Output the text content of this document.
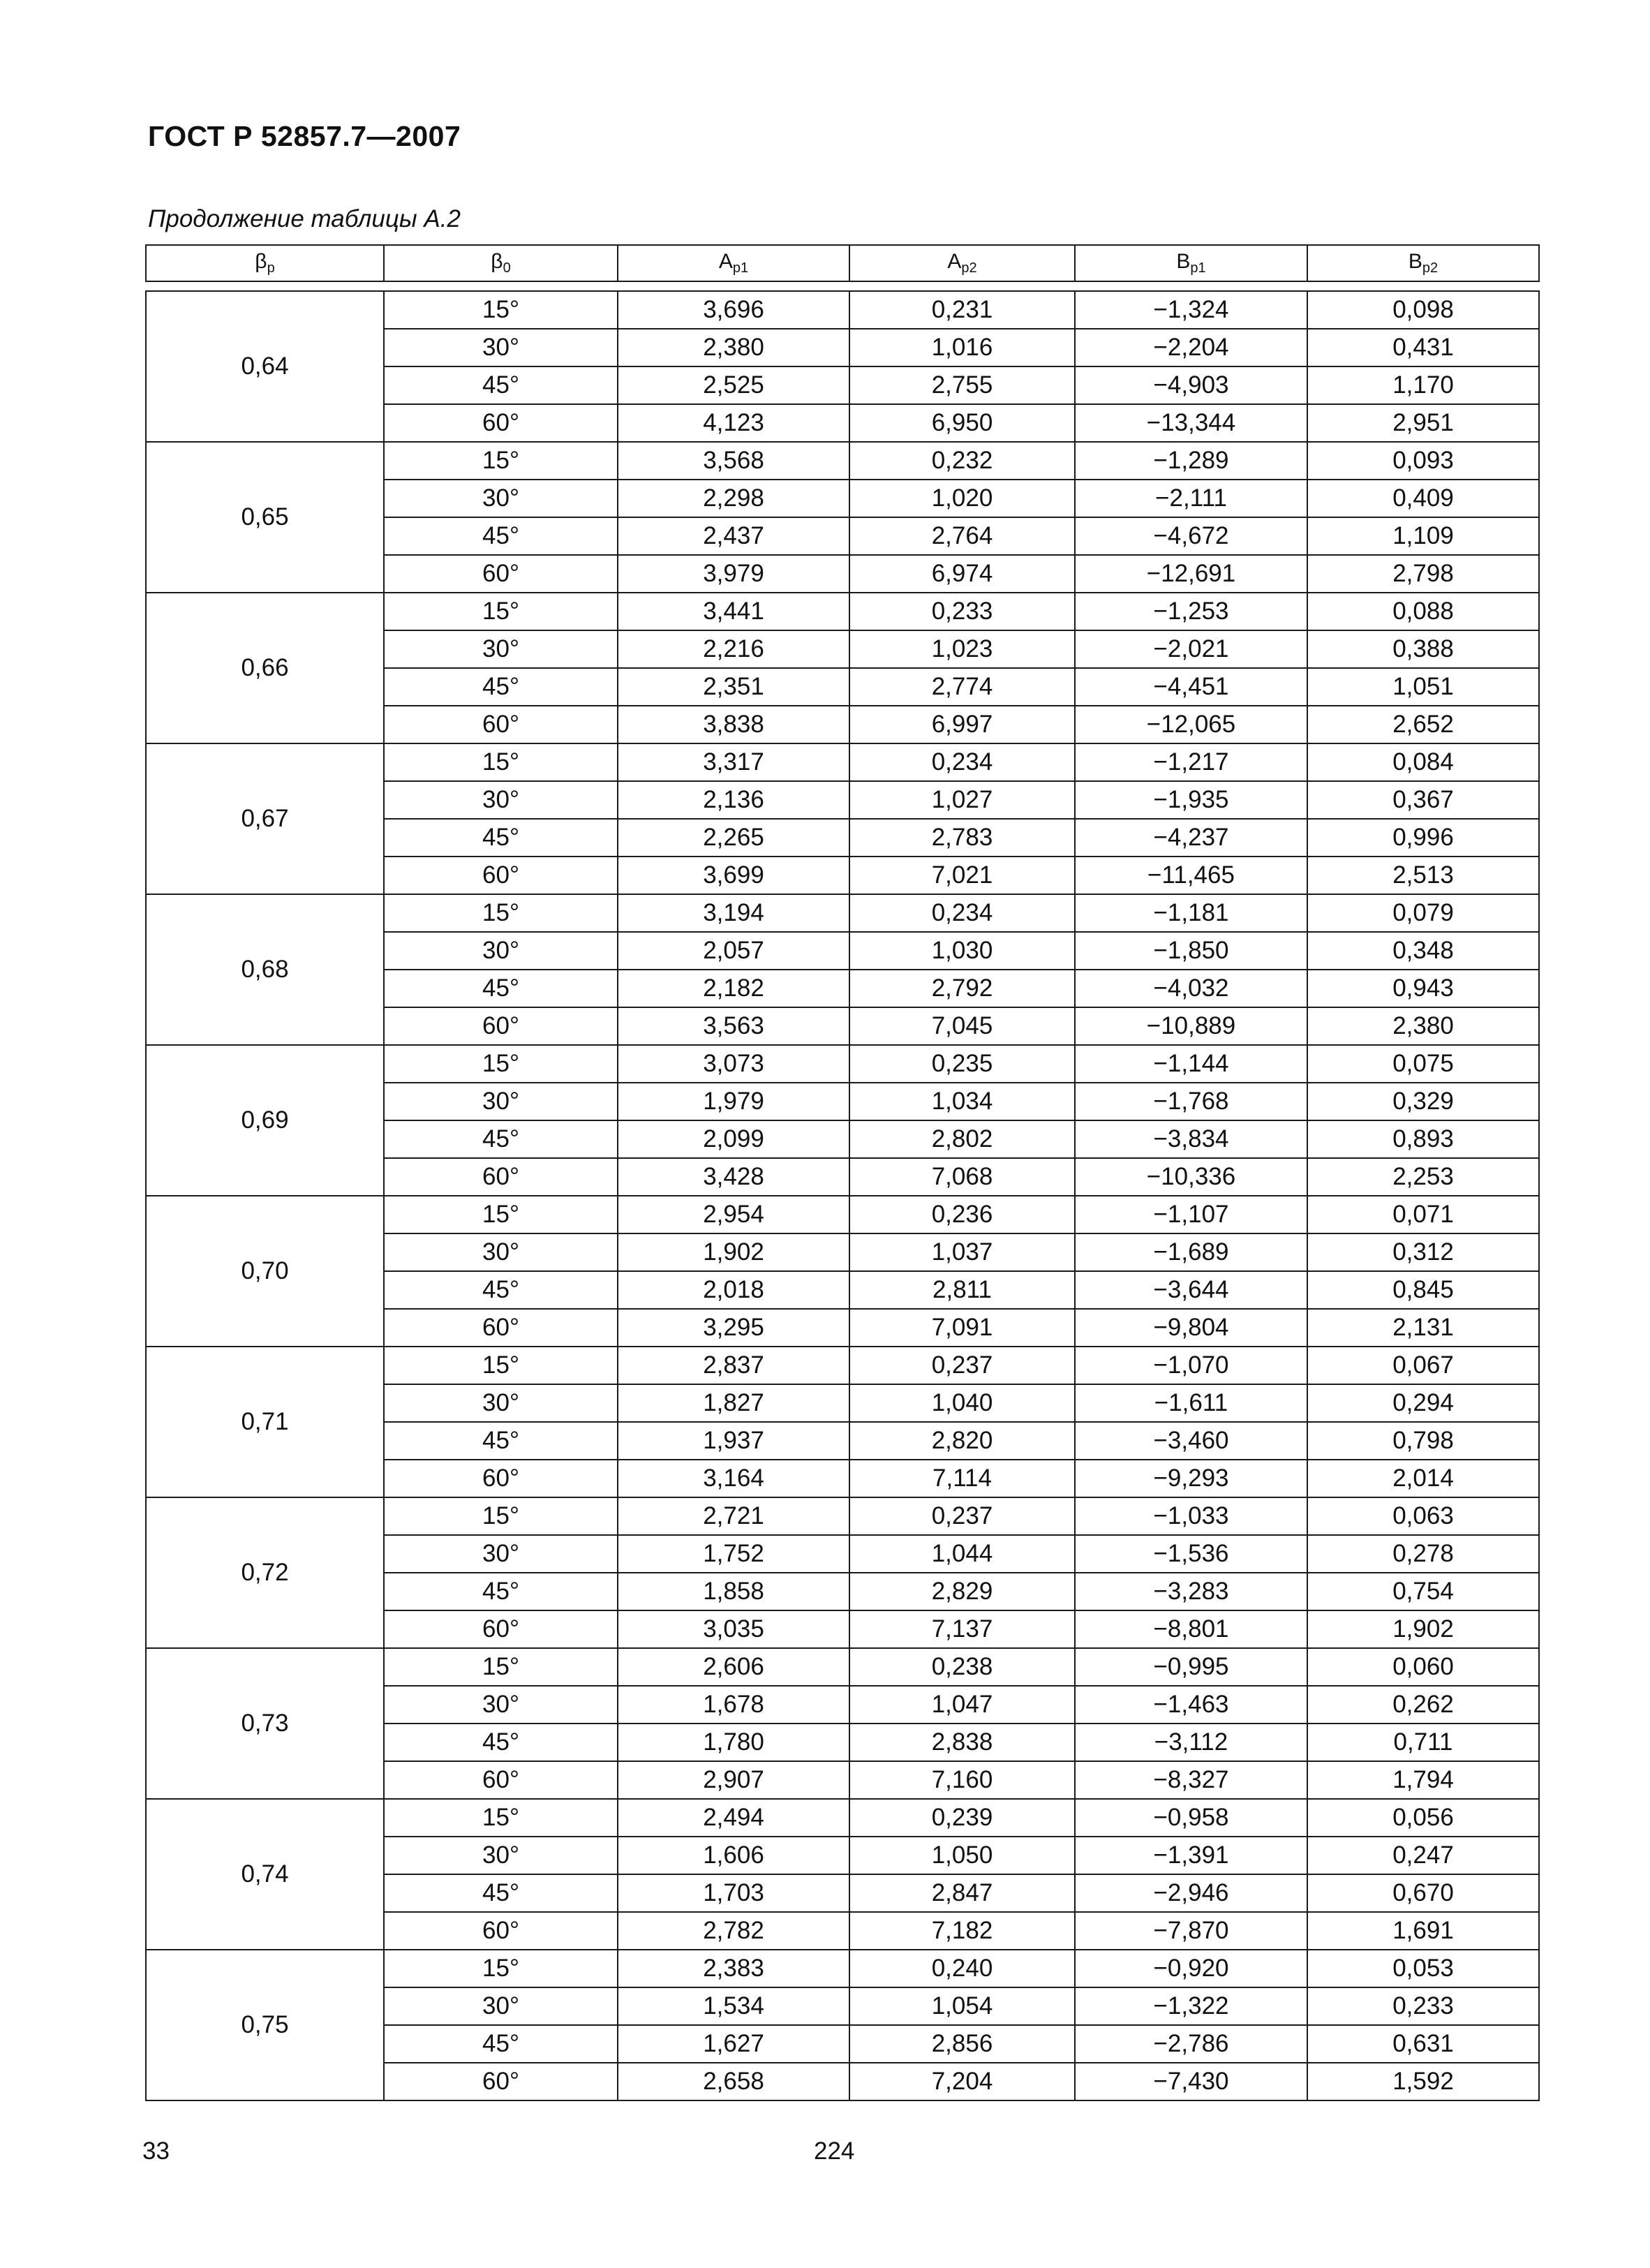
ГОСТ Р 52857.7—2007
Продолжение таблицы А.2
$\beta_p$	$\beta_0$	$A_{p1}$	$A_{p2}$	$B_{p1}$	$B_{p2}$

0,64	15°	3,696	0,231	−1,324	0,098
	30°	2,380	1,016	−2,204	0,431
	45°	2,525	2,755	−4,903	1,170
	60°	4,123	6,950	−13,344	2,951
0,65	15°	3,568	0,232	−1,289	0,093
	30°	2,298	1,020	−2,111	0,409
	45°	2,437	2,764	−4,672	1,109
	60°	3,979	6,974	−12,691	2,798
0,66	15°	3,441	0,233	−1,253	0,088
	30°	2,216	1,023	−2,021	0,388
	45°	2,351	2,774	−4,451	1,051
	60°	3,838	6,997	−12,065	2,652
0,67	15°	3,317	0,234	−1,217	0,084
	30°	2,136	1,027	−1,935	0,367
	45°	2,265	2,783	−4,237	0,996
	60°	3,699	7,021	−11,465	2,513
0,68	15°	3,194	0,234	−1,181	0,079
	30°	2,057	1,030	−1,850	0,348
	45°	2,182	2,792	−4,032	0,943
	60°	3,563	7,045	−10,889	2,380
0,69	15°	3,073	0,235	−1,144	0,075
	30°	1,979	1,034	−1,768	0,329
	45°	2,099	2,802	−3,834	0,893
	60°	3,428	7,068	−10,336	2,253
0,70	15°	2,954	0,236	−1,107	0,071
	30°	1,902	1,037	−1,689	0,312
	45°	2,018	2,811	−3,644	0,845
	60°	3,295	7,091	−9,804	2,131
0,71	15°	2,837	0,237	−1,070	0,067
	30°	1,827	1,040	−1,611	0,294
	45°	1,937	2,820	−3,460	0,798
	60°	3,164	7,114	−9,293	2,014
0,72	15°	2,721	0,237	−1,033	0,063
	30°	1,752	1,044	−1,536	0,278
	45°	1,858	2,829	−3,283	0,754
	60°	3,035	7,137	−8,801	1,902
0,73	15°	2,606	0,238	−0,995	0,060
	30°	1,678	1,047	−1,463	0,262
	45°	1,780	2,838	−3,112	0,711
	60°	2,907	7,160	−8,327	1,794
0,74	15°	2,494	0,239	−0,958	0,056
	30°	1,606	1,050	−1,391	0,247
	45°	1,703	2,847	−2,946	0,670
	60°	2,782	7,182	−7,870	1,691
0,75	15°	2,383	0,240	−0,920	0,053
	30°	1,534	1,054	−1,322	0,233
	45°	1,627	2,856	−2,786	0,631
	60°	2,658	7,204	−7,430	1,592
33	224
